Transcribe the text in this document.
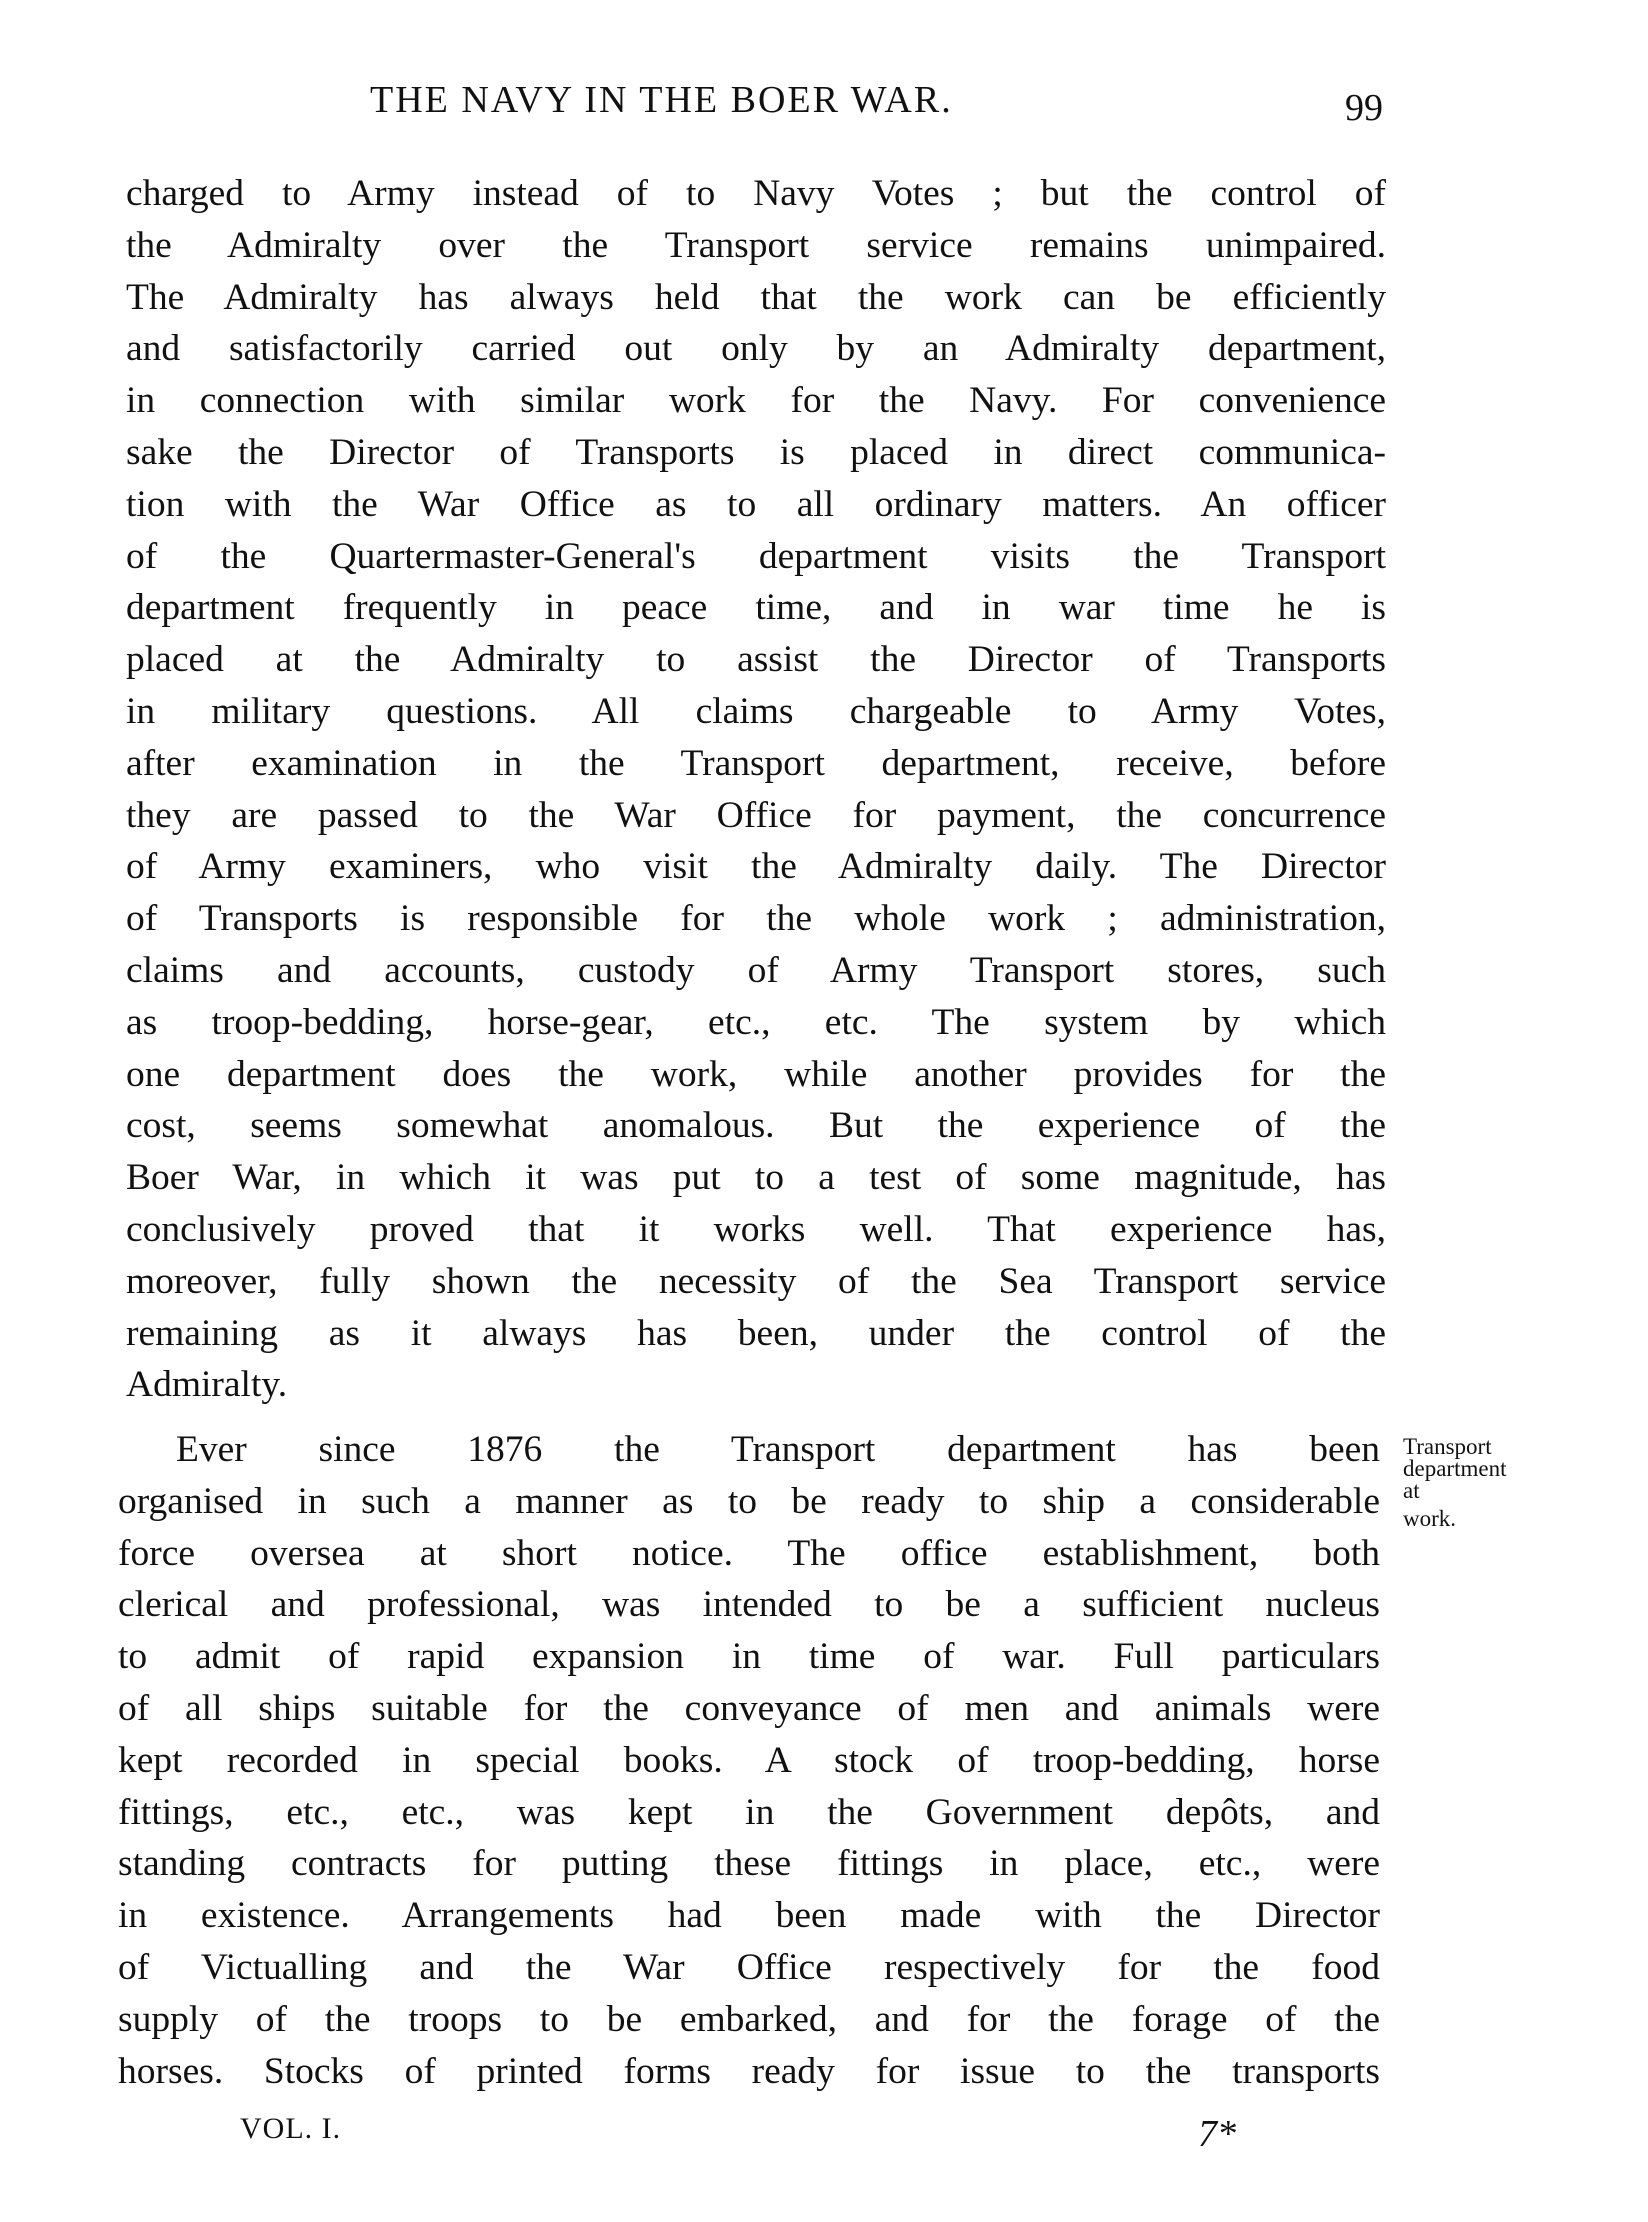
THE NAVY IN THE BOER WAR.	99
charged to Army instead of to Navy Votes ; but the control of
the Admiralty over the Transport service remains unimpaired.
The Admiralty has always held that the work can be efficiently
and satisfactorily carried out only by an Admiralty department,
in connection with similar work for the Navy. For convenience
sake the Director of Transports is placed in direct communica-
tion with the War Office as to all ordinary matters. An officer
of the Quartermaster-General's department visits the Transport
department frequently in peace time, and in war time he is
placed at the Admiralty to assist the Director of Transports
in military questions. All claims chargeable to Army Votes,
after examination in the Transport department, receive, before
they are passed to the War Office for payment, the concurrence
of Army examiners, who visit the Admiralty daily. The Director
of Transports is responsible for the whole work ; administration,
claims and accounts, custody of Army Transport stores, such
as troop-bedding, horse-gear, etc., etc. The system by which
one department does the work, while another provides for the
cost, seems somewhat anomalous. But the experience of the
Boer War, in which it was put to a test of some magnitude, has
conclusively proved that it works well. That experience has,
moreover, fully shown the necessity of the Sea Transport service
remaining as it always has been, under the control of the
Admiralty.
Ever since 1876 the Transport department has been
organised in such a manner as to be ready to ship a considerable
force oversea at short notice. The office establishment, both
clerical and professional, was intended to be a sufficient nucleus
to admit of rapid expansion in time of war. Full particulars
of all ships suitable for the conveyance of men and animals were
kept recorded in special books. A stock of troop-bedding, horse
fittings, etc., etc., was kept in the Government depôts, and
standing contracts for putting these fittings in place, etc., were
in existence. Arrangements had been made with the Director
of Victualling and the War Office respectively for the food
supply of the troops to be embarked, and for the forage of the
horses. Stocks of printed forms ready for issue to the transports
Transport
department
at
work.
VOL. I.	7*
